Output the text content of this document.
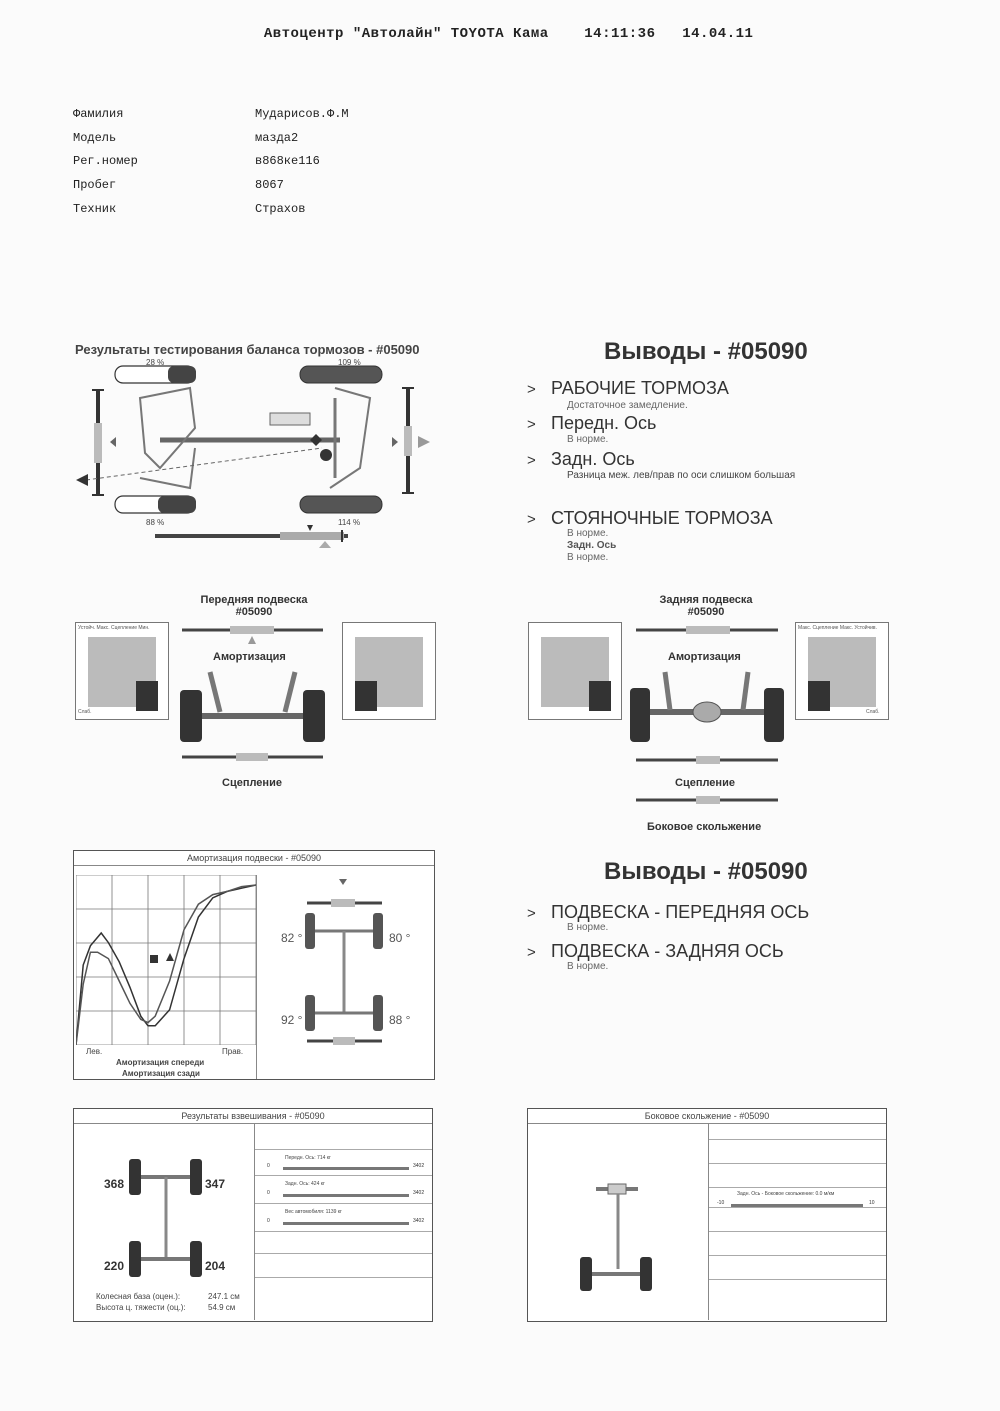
Автоцентр "Автолайн" TOYOTA Кама	14:11:36 14.04.11

Фамилия	Мударисов.Ф.М
Модель	мазда2
Рег.номер	в868ке116
Пробег	8067
Техник	Страхов
Результаты тестирования баланса тормозов - #05090
28 %	109 %
88 %	114 %
Выводы - #05090
> РАБОЧИЕ ТОРМОЗА
Достаточное замедление.
> Передн. Ось
В норме.
> Задн. Ось
Разница меж. лев/прав по оси слишком большая
> СТОЯНОЧНЫЕ ТОРМОЗА
В норме.
Задн. Ось
В норме.
Передняя подвеска
#05090
Устойч. Макс. Сцепление Мин.
Слаб.
Амортизация
Сцепление
Задняя подвеска
#05090
Макс. Сцепление Макс. Устойчив.
Слаб.
Амортизация
Сцепление
Боковое скольжение
Амортизация подвески - #05090
82 °	80 °
92 °	88 °
Лев.	Прав.
Амортизация спереди
Амортизация сзади
Выводы - #05090
> ПОДВЕСКА - ПЕРЕДНЯЯ ОСЬ
В норме.
> ПОДВЕСКА - ЗАДНЯЯ ОСЬ
В норме.
Результаты взвешивания - #05090
368	347
220	204
Колесная база (оцен.):	247.1 см
Высота ц. тяжести (оц.):	54.9 см
Передн. Ось: 714 кг
0	3402
Задн. Ось: 424 кг
0	3402
Вес автомобиля: 1139 кг
0	3402
Боковое скольжение - #05090
Задн. Ось - Боковое скольжение: 0.0 м/км
-10	10
